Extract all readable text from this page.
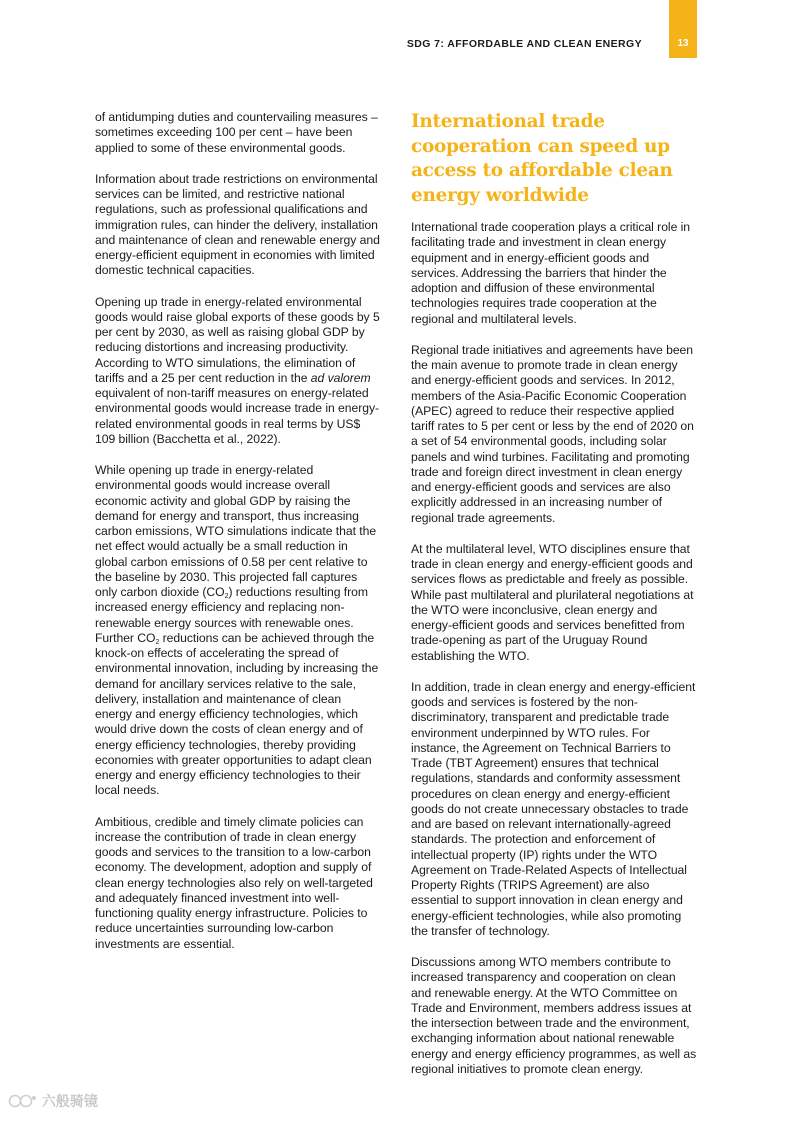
SDG 7: AFFORDABLE AND CLEAN ENERGY	13

of antidumping duties and countervailing measures – sometimes exceeding 100 per cent – have been applied to some of these environmental goods.

Information about trade restrictions on environmental services can be limited, and restrictive national regulations, such as professional qualifications and immigration rules, can hinder the delivery, installation and maintenance of clean and renewable energy and energy-efficient equipment in economies with limited domestic technical capacities.

Opening up trade in energy-related environmental goods would raise global exports of these goods by 5 per cent by 2030, as well as raising global GDP by reducing distortions and increasing productivity. According to WTO simulations, the elimination of tariffs and a 25 per cent reduction in the ad valorem equivalent of non-tariff measures on energy-related environmental goods would increase trade in energy-related environmental goods in real terms by US$ 109 billion (Bacchetta et al., 2022).

While opening up trade in energy-related environmental goods would increase overall economic activity and global GDP by raising the demand for energy and transport, thus increasing carbon emissions, WTO simulations indicate that the net effect would actually be a small reduction in global carbon emissions of 0.58 per cent relative to the baseline by 2030. This projected fall captures only carbon dioxide $(CO_2)$ reductions resulting from increased energy efficiency and replacing non-renewable energy sources with renewable ones. Further $CO_2$ reductions can be achieved through the knock-on effects of accelerating the spread of environmental innovation, including by increasing the demand for ancillary services relative to the sale, delivery, installation and maintenance of clean energy and energy efficiency technologies, which would drive down the costs of clean energy and of energy efficiency technologies, thereby providing economies with greater opportunities to adapt clean energy and energy efficiency technologies to their local needs.

Ambitious, credible and timely climate policies can increase the contribution of trade in clean energy goods and services to the transition to a low-carbon economy. The development, adoption and supply of clean energy technologies also rely on well-targeted and adequately financed investment into well-functioning quality energy infrastructure. Policies to reduce uncertainties surrounding low-carbon investments are essential.

International trade cooperation can speed up access to affordable clean energy worldwide

International trade cooperation plays a critical role in facilitating trade and investment in clean energy equipment and in energy-efficient goods and services. Addressing the barriers that hinder the adoption and diffusion of these environmental technologies requires trade cooperation at the regional and multilateral levels.

Regional trade initiatives and agreements have been the main avenue to promote trade in clean energy and energy-efficient goods and services. In 2012, members of the Asia-Pacific Economic Cooperation (APEC) agreed to reduce their respective applied tariff rates to 5 per cent or less by the end of 2020 on a set of 54 environmental goods, including solar panels and wind turbines. Facilitating and promoting trade and foreign direct investment in clean energy and energy-efficient goods and services are also explicitly addressed in an increasing number of regional trade agreements.

At the multilateral level, WTO disciplines ensure that trade in clean energy and energy-efficient goods and services flows as predictable and freely as possible. While past multilateral and plurilateral negotiations at the WTO were inconclusive, clean energy and energy-efficient goods and services benefitted from trade-opening as part of the Uruguay Round establishing the WTO.

In addition, trade in clean energy and energy-efficient goods and services is fostered by the non-discriminatory, transparent and predictable trade environment underpinned by WTO rules. For instance, the Agreement on Technical Barriers to Trade (TBT Agreement) ensures that technical regulations, standards and conformity assessment procedures on clean energy and energy-efficient goods do not create unnecessary obstacles to trade and are based on relevant internationally-agreed standards. The protection and enforcement of intellectual property (IP) rights under the WTO Agreement on Trade-Related Aspects of Intellectual Property Rights (TRIPS Agreement) are also essential to support innovation in clean energy and energy-efficient technologies, while also promoting the transfer of technology.

Discussions among WTO members contribute to increased transparency and cooperation on clean and renewable energy. At the WTO Committee on Trade and Environment, members address issues at the intersection between trade and the environment, exchanging information about national renewable energy and energy efficiency programmes, as well as regional initiatives to promote clean energy.

六般骑镜
